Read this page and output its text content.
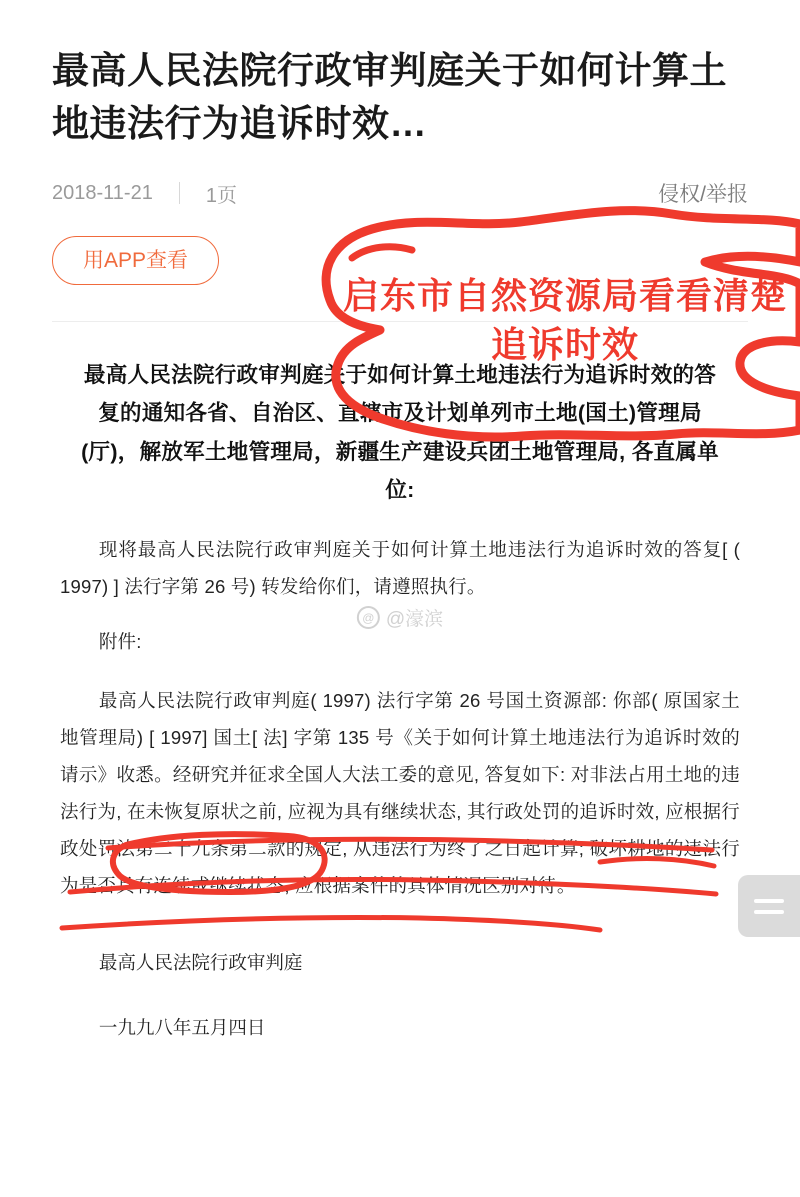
最高人民法院行政审判庭关于如何计算土地违法行为追诉时效…
2018-11-21	1页	侵权/举报
用APP查看
最高人民法院行政审判庭关于如何计算土地违法行为追诉时效的答复的通知各省、自治区、直辖市及计划单列市土地(国土)管理局(厅)，解放军土地管理局，新疆生产建设兵团土地管理局, 各直属单位:
现将最高人民法院行政审判庭关于如何计算土地违法行为追诉时效的答复[ ( 1997) ] 法行字第 26 号) 转发给你们，请遵照执行。
附件:
最高人民法院行政审判庭( 1997) 法行字第 26 号国土资源部: 你部( 原国家土地管理局) [ 1997] 国土[ 法] 字第 135 号《关于如何计算土地违法行为追诉时效的请示》收悉。经研究并征求全国人大法工委的意见, 答复如下: 对非法占用土地的违法行为, 在未恢复原状之前, 应视为具有继续状态, 其行政处罚的追诉时效, 应根据行政处罚法第二十九条第二款的规定, 从违法行为终了之日起计算; 破坏耕地的违法行为是否具有连续或继续状态, 应根据案件的具体情况区别对待。
最高人民法院行政审判庭
一九九八年五月四日
@ @濠滨
启东市自然资源局看看清楚追诉时效
